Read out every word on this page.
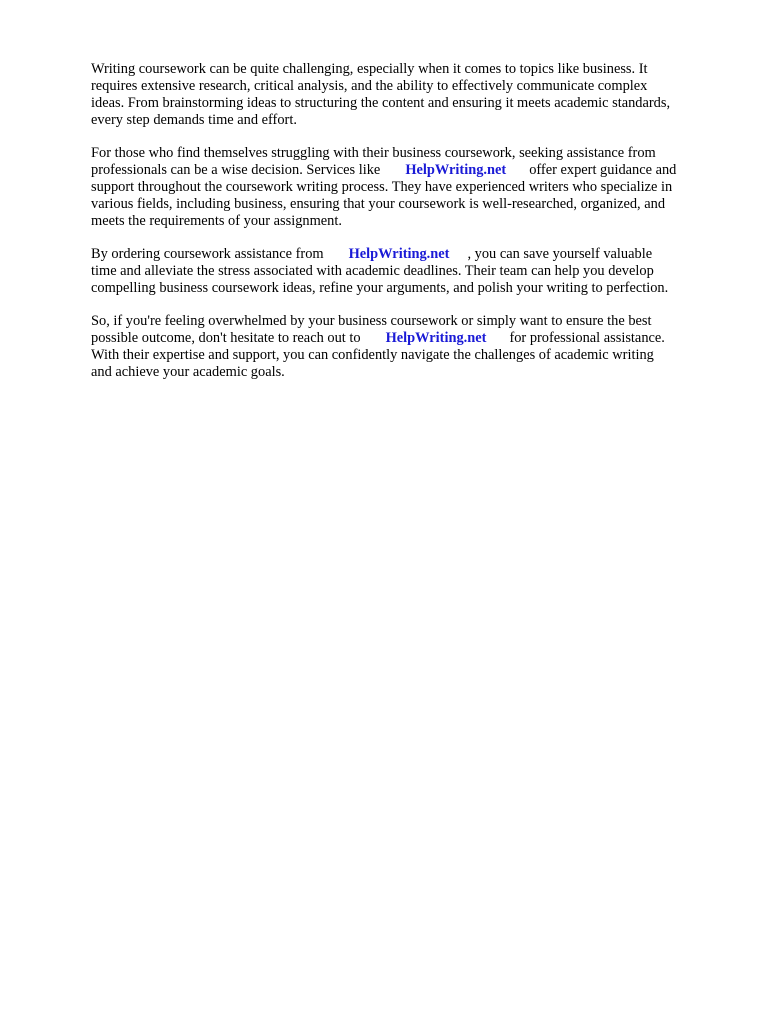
Writing coursework can be quite challenging, especially when it comes to topics like business. It
requires extensive research, critical analysis, and the ability to effectively communicate complex
ideas. From brainstorming ideas to structuring the content and ensuring it meets academic standards,
every step demands time and effort.
For those who find themselves struggling with their business coursework, seeking assistance from
professionals can be a wise decision. Services like HelpWriting.net offer expert guidance and
support throughout the coursework writing process. They have experienced writers who specialize in
various fields, including business, ensuring that your coursework is well-researched, organized, and
meets the requirements of your assignment.
By ordering coursework assistance from HelpWriting.net , you can save yourself valuable
time and alleviate the stress associated with academic deadlines. Their team can help you develop
compelling business coursework ideas, refine your arguments, and polish your writing to perfection.
So, if you're feeling overwhelmed by your business coursework or simply want to ensure the best
possible outcome, don't hesitate to reach out to HelpWriting.net for professional assistance.
With their expertise and support, you can confidently navigate the challenges of academic writing
and achieve your academic goals.
